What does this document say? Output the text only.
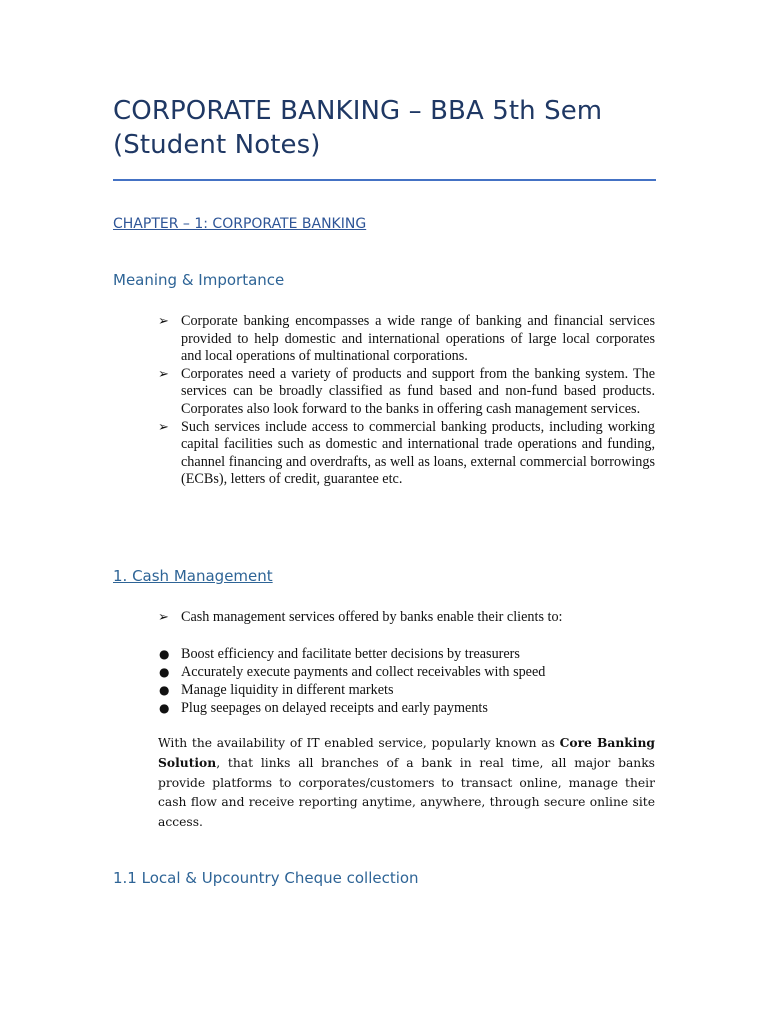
CORPORATE BANKING – BBA 5th Sem (Student Notes)
CHAPTER – 1: CORPORATE BANKING
Meaning & Importance
➢ Corporate banking encompasses a wide range of banking and financial services provided to help domestic and international operations of large local corporates and local operations of multinational corporations.
➢ Corporates need a variety of products and support from the banking system. The services can be broadly classified as fund based and non-fund based products. Corporates also look forward to the banks in offering cash management services.
➢ Such services include access to commercial banking products, including working capital facilities such as domestic and international trade operations and funding, channel financing and overdrafts, as well as loans, external commercial borrowings (ECBs), letters of credit, guarantee etc.
1. Cash Management
➢ Cash management services offered by banks enable their clients to:
● Boost efficiency and facilitate better decisions by treasurers
● Accurately execute payments and collect receivables with speed
● Manage liquidity in different markets
● Plug seepages on delayed receipts and early payments

With the availability of IT enabled service, popularly known as Core Banking Solution, that links all branches of a bank in real time, all major banks provide platforms to corporates/customers to transact online, manage their cash flow and receive reporting anytime, anywhere, through secure online site access.

1.1 Local & Upcountry Cheque collection
